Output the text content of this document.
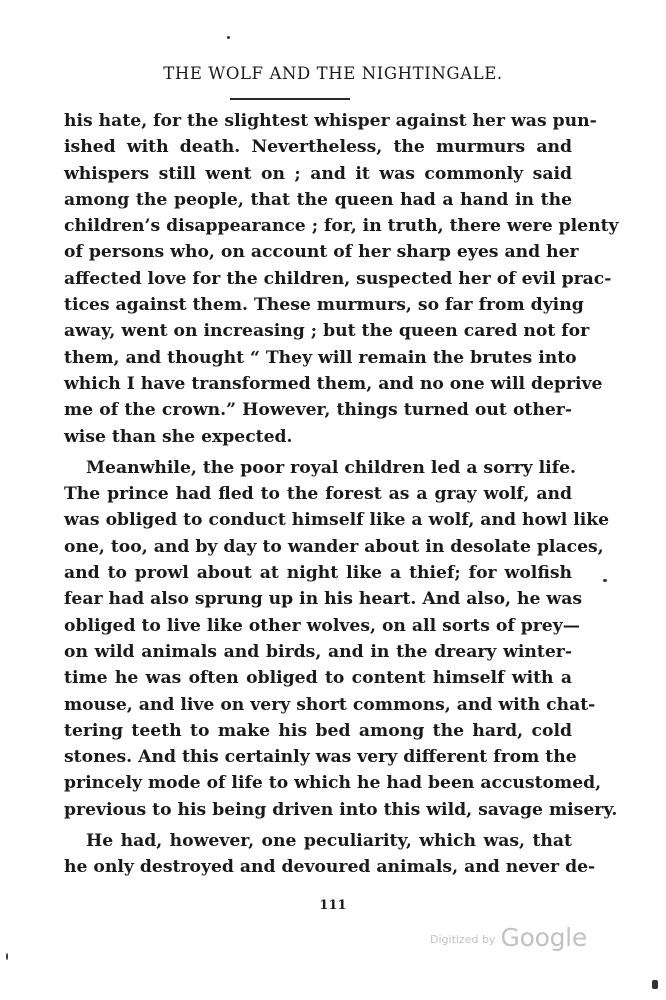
THE WOLF AND THE NIGHTINGALE.
his hate, for the slightest whisper against her was pun-
ished with death. Nevertheless, the murmurs and
whispers still went on ; and it was commonly said
among the people, that the queen had a hand in the
children’s disappearance ; for, in truth, there were plenty
of persons who, on account of her sharp eyes and her
affected love for the children, suspected her of evil prac-
tices against them. These murmurs, so far from dying
away, went on increasing ; but the queen cared not for
them, and thought “ They will remain the brutes into
which I have transformed them, and no one will deprive
me of the crown.” However, things turned out other-
wise than she expected.
Meanwhile, the poor royal children led a sorry life.
The prince had fled to the forest as a gray wolf, and
was obliged to conduct himself like a wolf, and howl like
one, too, and by day to wander about in desolate places,
and to prowl about at night like a thief; for wolfish
fear had also sprung up in his heart. And also, he was
obliged to live like other wolves, on all sorts of prey—
on wild animals and birds, and in the dreary winter-
time he was often obliged to content himself with a
mouse, and live on very short commons, and with chat-
tering teeth to make his bed among the hard, cold
stones. And this certainly was very different from the
princely mode of life to which he had been accustomed,
previous to his being driven into this wild, savage misery.
He had, however, one peculiarity, which was, that
he only destroyed and devoured animals, and never de-
111
Digitized by Google
